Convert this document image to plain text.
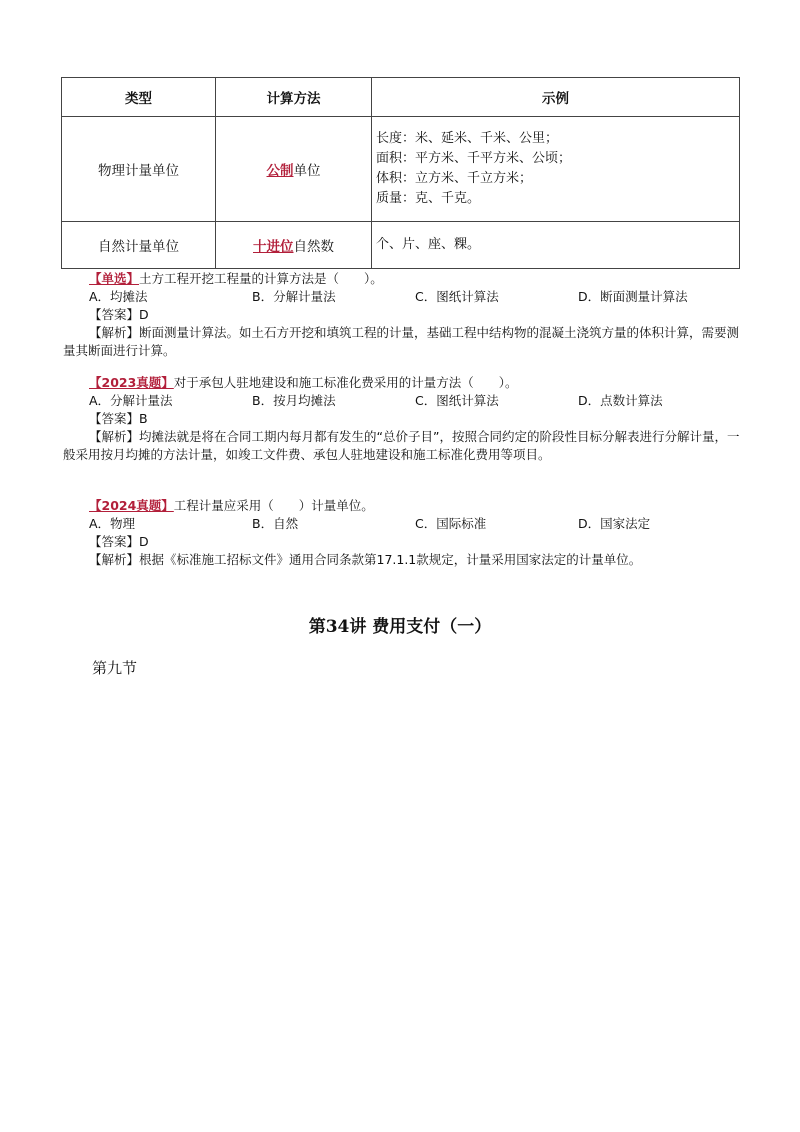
类型	计算方法	示例
物理计量单位	公制单位	长度：米、延米、千米、公里；
面积：平方米、千平方米、公顷；
体积：立方米、千立方米；
质量：克、千克。

自然计量单位	十进位自然数	个、片、座、粿。
【单选】土方工程开挖工程量的计算方法是（　　）。
A．均摊法	B．分解计量法	C．图纸计算法	D．断面测量计算法
【答案】D
【解析】断面测量计算法。如土石方开挖和填筑工程的计量，基础工程中结构物的混凝土浇筑方量的体积计算，需要测量其断面进行计算。
【2023真题】对于承包人驻地建设和施工标准化费采用的计量方法（　　）。
A．分解计量法	B．按月均摊法	C．图纸计算法	D．点数计算法
【答案】B
【解析】均摊法就是将在合同工期内每月都有发生的“总价子目”，按照合同约定的阶段性目标分解表进行分解计量，一般采用按月均摊的方法计量，如竣工文件费、承包人驻地建设和施工标准化费用等项目。
【2024真题】工程计量应采用（　　）计量单位。
A．物理	B．自然	C．国际标准	D．国家法定
【答案】D
【解析】根据《标准施工招标文件》通用合同条款第17.1.1款规定，计量采用国家法定的计量单位。
第34讲 费用支付（一）
第九节
